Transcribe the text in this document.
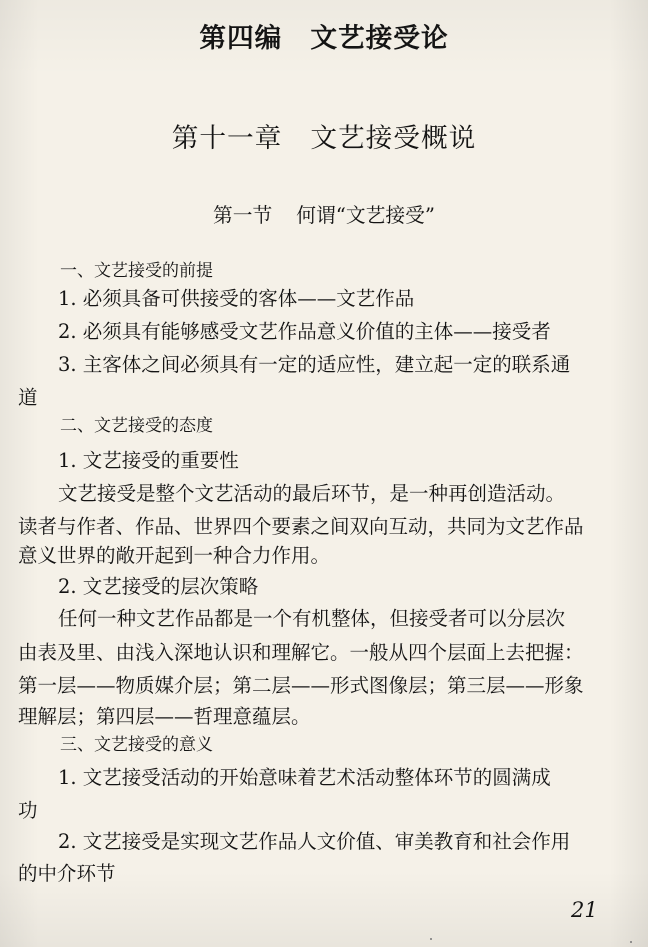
第四编 文艺接受论
第十一章 文艺接受概说
第一节 何谓“文艺接受”
一、文艺接受的前提
1. 必须具备可供接受的客体——文艺作品
2. 必须具有能够感受文艺作品意义价值的主体——接受者
3. 主客体之间必须具有一定的适应性，建立起一定的联系通
道
二、文艺接受的态度
1. 文艺接受的重要性
文艺接受是整个文艺活动的最后环节，是一种再创造活动。
读者与作者、作品、世界四个要素之间双向互动，共同为文艺作品
意义世界的敞开起到一种合力作用。
2. 文艺接受的层次策略
任何一种文艺作品都是一个有机整体，但接受者可以分层次
由表及里、由浅入深地认识和理解它。一般从四个层面上去把握：
第一层——物质媒介层；第二层——形式图像层；第三层——形象
理解层；第四层——哲理意蕴层。
三、文艺接受的意义
1. 文艺接受活动的开始意味着艺术活动整体环节的圆满成
功
2. 文艺接受是实现文艺作品人文价值、审美教育和社会作用
的中介环节
21
